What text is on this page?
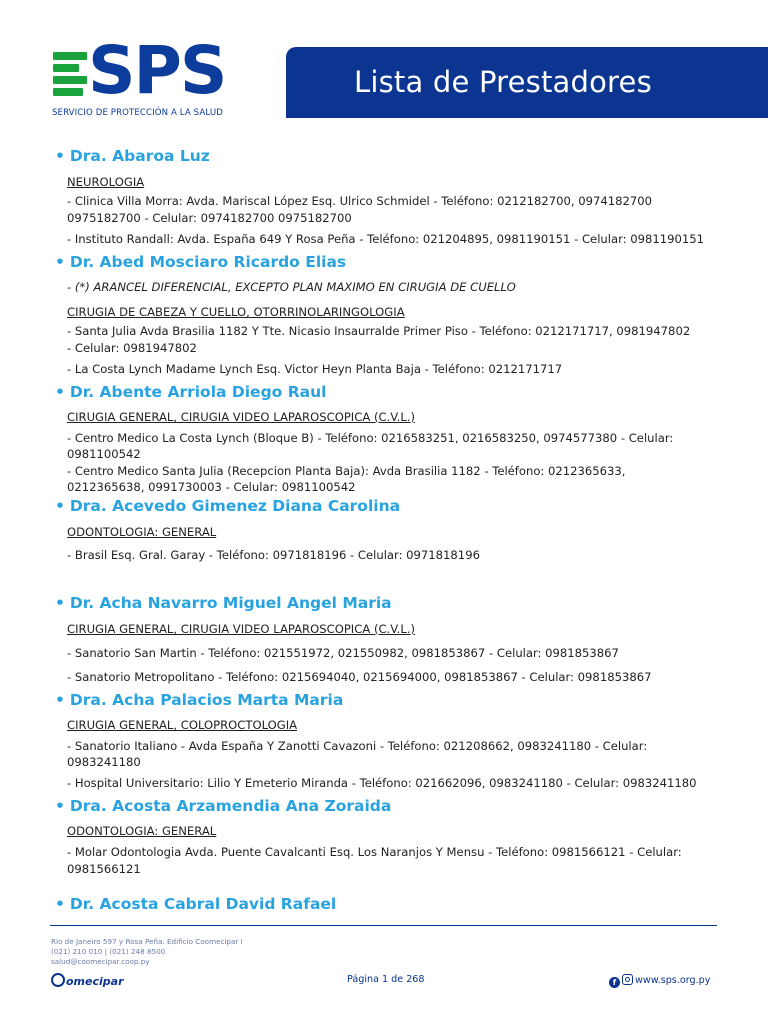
SPS
SERVICIO DE PROTECCIÓN A LA SALUD
Lista de Prestadores
• Dra. Abaroa Luz
NEUROLOGIA
- Clinica Villa Morra: Avda. Mariscal López Esq. Ulrico Schmidel - Teléfono: 0212182700, 0974182700
0975182700 - Celular: 0974182700 0975182700
- Instituto Randall: Avda. España 649 Y Rosa Peña - Teléfono: 021204895, 0981190151 - Celular: 0981190151
• Dr. Abed Mosciaro Ricardo Elias
- (*) ARANCEL DIFERENCIAL, EXCEPTO PLAN MAXIMO EN CIRUGIA DE CUELLO
CIRUGIA DE CABEZA Y CUELLO, OTORRINOLARINGOLOGIA
- Santa Julia Avda Brasilia 1182 Y Tte. Nicasio Insaurralde Primer Piso - Teléfono: 0212171717, 0981947802
- Celular: 0981947802
- La Costa Lynch Madame Lynch Esq. Victor Heyn Planta Baja - Teléfono: 0212171717
• Dr. Abente Arriola Diego Raul
CIRUGIA GENERAL, CIRUGIA VIDEO LAPAROSCOPICA (C.V.L.)
- Centro Medico La Costa Lynch (Bloque B) - Teléfono: 0216583251, 0216583250, 0974577380 - Celular:
0981100542
- Centro Medico Santa Julia (Recepcion Planta Baja): Avda Brasilia 1182 - Teléfono: 0212365633,
0212365638, 0991730003 - Celular: 0981100542
• Dra. Acevedo Gimenez Diana Carolina
ODONTOLOGIA: GENERAL
- Brasil Esq. Gral. Garay - Teléfono: 0971818196 - Celular: 0971818196
• Dr. Acha Navarro Miguel Angel Maria
CIRUGIA GENERAL, CIRUGIA VIDEO LAPAROSCOPICA (C.V.L.)
- Sanatorio San Martin - Teléfono: 021551972, 021550982, 0981853867 - Celular: 0981853867
- Sanatorio Metropolitano - Teléfono: 0215694040, 0215694000, 0981853867 - Celular: 0981853867
• Dra. Acha Palacios Marta Maria
CIRUGIA GENERAL, COLOPROCTOLOGIA
- Sanatorio Italiano - Avda España Y Zanotti Cavazoni - Teléfono: 021208662, 0983241180 - Celular:
0983241180
- Hospital Universitario: Lilio Y Emeterio Miranda - Teléfono: 021662096, 0983241180 - Celular: 0983241180
• Dra. Acosta Arzamendia Ana Zoraida
ODONTOLOGIA: GENERAL
- Molar Odontologia Avda. Puente Cavalcanti Esq. Los Naranjos Y Mensu - Teléfono: 0981566121 - Celular:
0981566121
• Dr. Acosta Cabral David Rafael
Rio de Janeiro 597 y Rosa Peña. Edificio Coomecipar I
(021) 210 010 | (021) 248 8500
salud@coomecipar.coop.py
omecipar	Página 1 de 268	f www.sps.org.py
